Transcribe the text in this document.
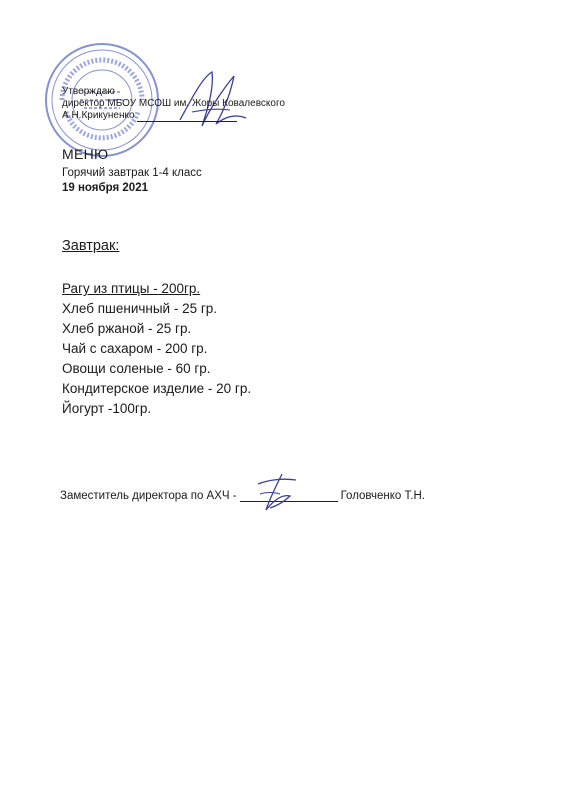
Утверждаю
директор МБОУ МСОШ им. Жоры Ковалевского
А.Н.Крикуненко
МЕНЮ
Горячий завтрак 1-4 класс
19 ноября 2021
Завтрак:
Рагу из птицы - 200гр.
Хлеб пшеничный - 25 гр.
Хлеб ржаной - 25 гр.
Чай с сахаром - 200 гр.
Овощи соленые - 60 гр.
Кондитерское изделие - 20 гр.
Йогурт -100гр.
Заместитель директора по АХЧ -	Головченко Т.Н.
